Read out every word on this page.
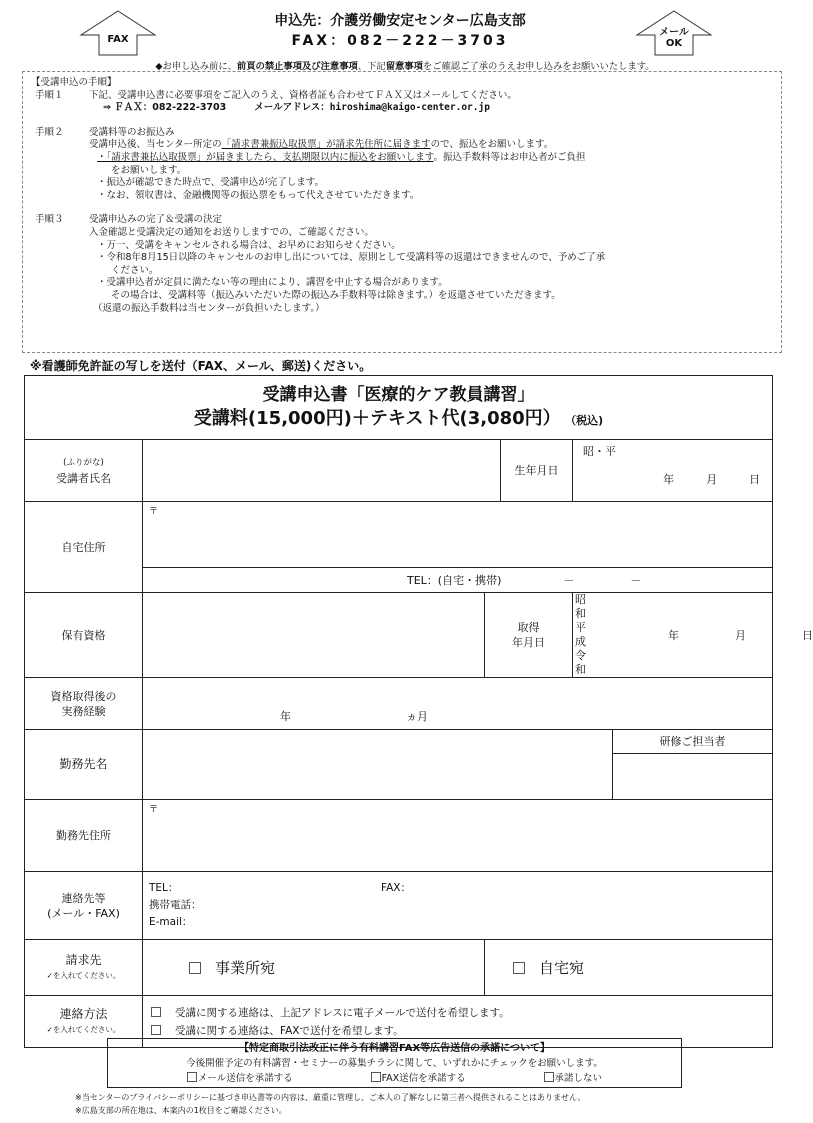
FAX
メール
OK
申込先：介護労働安定センター広島支部
FAX：082－222－3703
◆お申し込み前に、前頁の禁止事項及び注意事項、下記留意事項をご確認ご了承のうえお申し込みをお願いいたします。
【受講申込の手順】
手順１	下記、受講申込書に必要事項をご記入のうえ、資格者証も合わせてＦＡＸ又はメールしてください。
⇒ ＦＡＸ：082-222-3703	メールアドレス：hiroshima@kaigo-center.or.jp
手順２	受講料等のお振込み
受講申込後、当センター所定の「請求書兼振込取扱票」が請求先住所に届きますので、振込をお願いします。
・「請求書兼払込取扱票」が届きましたら、支払期限以内に振込をお願いします。振込手数料等はお申込者がご負担
をお願いします。
・振込が確認できた時点で、受講申込が完了します。
・なお、領収書は、金融機関等の振込票をもって代えさせていただきます。
手順３	受講申込みの完了＆受講の決定
入金確認と受講決定の通知をお送りしますでの、ご確認ください。
・万一、受講をキャンセルされる場合は、お早めにお知らせください。
・令和8年8月15日以降のキャンセルのお申し出については、原則として受講料等の返還はできませんので、予めご了承
ください。
・受講申込者が定員に満たない等の理由により、講習を中止する場合があります。
その場合は、受講料等（振込みいただいた際の振込み手数料等は除きます。）を返還させていただきます。
（返還の振込手数料は当センターが負担いたします。）
※看護師免許証の写しを送付（FAX、メール、郵送)ください。
受講申込書「医療的ケア教員講習」
受講料(15,000円)＋テキスト代(3,080円） （税込)

(ふりがな)
受講者氏名		生年月日	
昭・平
年	月	日

自宅住所	〒

TEL：(自宅・携帯)	－	－

保有資格		
取得
年月日

昭和
平成
令和
年	月	日

資格取得後の
実務経験	年	ヵ月

勤務先名		研修ご担当者

勤務先住所	〒

連絡先等
(メール・FAX)

TEL：	FAX：
携帯電話：
E-mail：

請求先
✓を入れてください。	事業所宛	自宅宛

連絡方法
✓を入れてください。

受講に関する連絡は、上記アドレスに電子メールで送付を希望します。
受講に関する連絡は、FAXで送付を希望します。
【特定商取引法改正に伴う有料講習FAX等広告送信の承諾について】
今後開催予定の有料講習・セミナーの募集チラシに関して、いずれかにチェックをお願いします。
メール送信を承諾する	FAX送信を承諾する	承諾しない
※当センターのプライバシーポリシーに基づき申込書等の内容は、厳重に管理し、ご本人の了解なしに第三者へ提供されることはありません。
※広島支部の所在地は、本案内の1枚目をご確認ください。
